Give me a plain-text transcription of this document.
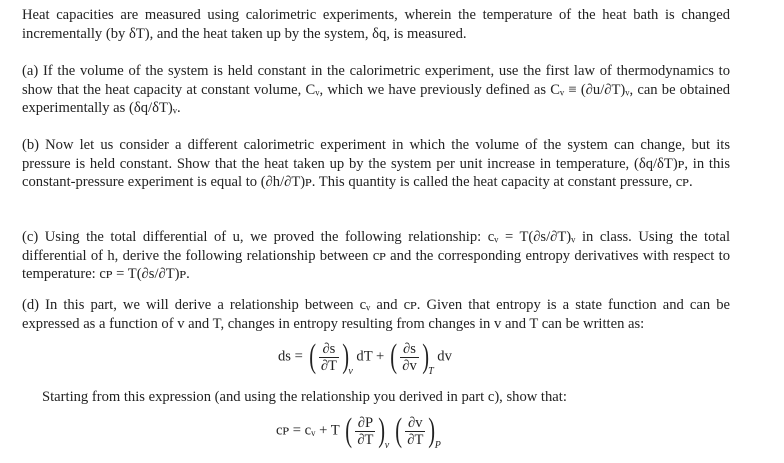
Heat capacities are measured using calorimetric experiments, wherein the temperature of the heat bath is changed incrementally (by δT), and the heat taken up by the system, δq, is measured.

(a) If the volume of the system is held constant in the calorimetric experiment, use the first law of thermodynamics to show that the heat capacity at constant volume, Cᵥ, which we have previously defined as Cᵥ ≡ (∂u/∂T)ᵥ, can be obtained experimentally as (δq/δT)ᵥ.

(b) Now let us consider a different calorimetric experiment in which the volume of the system can change, but its pressure is held constant. Show that the heat taken up by the system per unit increase in temperature, (δq/δT)ᴘ, in this constant-pressure experiment is equal to (∂h/∂T)ᴘ. This quantity is called the heat capacity at constant pressure, cᴘ.

(c) Using the total differential of u, we proved the following relationship: cᵥ = T(∂s/∂T)ᵥ in class. Using the total differential of h, derive the following relationship between cᴘ and the corresponding entropy derivatives with respect to temperature: cᴘ = T(∂s/∂T)ᴘ.

(d) In this part, we will derive a relationship between cᵥ and cᴘ. Given that entropy is a state function and can be expressed as a function of v and T, changes in entropy resulting from changes in v and T can be written as:

ds = ( $\frac{\partial s}{\partial T} )v$ dT + ( $\frac{\partial s}{\partial v} )T$ dv

Starting from this expression (and using the relationship you derived in part c), show that:

cᴘ = cᵥ + T ( $\frac{\partial P}{\partial T} )v$ ( $\frac{\partial v}{\partial T} )P$
